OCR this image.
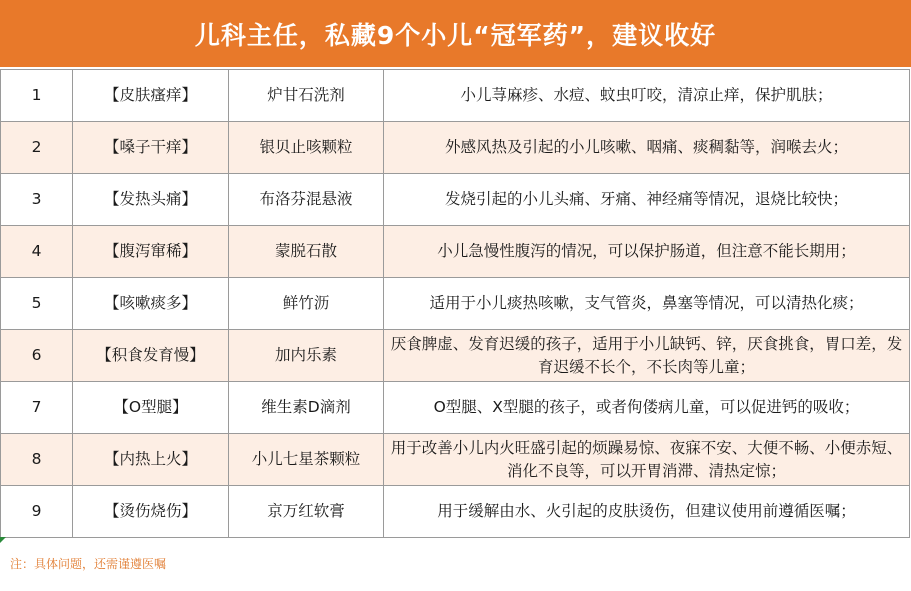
儿科主任，私藏9个小儿“冠军药”，建议收好
1	【皮肤瘙痒】	炉甘石洗剂	小儿荨麻疹、水痘、蚊虫叮咬，清凉止痒，保护肌肤；
2	【嗓子干痒】	银贝止咳颗粒	外感风热及引起的小儿咳嗽、咽痛、痰稠黏等，润喉去火；
3	【发热头痛】	布洛芬混悬液	发烧引起的小儿头痛、牙痛、神经痛等情况，退烧比较快；
4	【腹泻窜稀】	蒙脱石散	小儿急慢性腹泻的情况，可以保护肠道，但注意不能长期用；
5	【咳嗽痰多】	鲜竹沥	适用于小儿痰热咳嗽，支气管炎，鼻塞等情况，可以清热化痰；
6	【积食发育慢】	加内乐素	厌食脾虚、发育迟缓的孩子，适用于小儿缺钙、锌，厌食挑食，胃口差，发育迟缓不长个，不长肉等儿童；
7	【O型腿】	维生素D滴剂	O型腿、X型腿的孩子，或者佝偻病儿童，可以促进钙的吸收；
8	【内热上火】	小儿七星茶颗粒	用于改善小儿内火旺盛引起的烦躁易惊、夜寐不安、大便不畅、小便赤短、消化不良等，可以开胃消滞、清热定惊；
9	【烫伤烧伤】	京万红软膏	用于缓解由水、火引起的皮肤烫伤，但建议使用前遵循医嘱；
注：具体问题，还需谨遵医嘱
